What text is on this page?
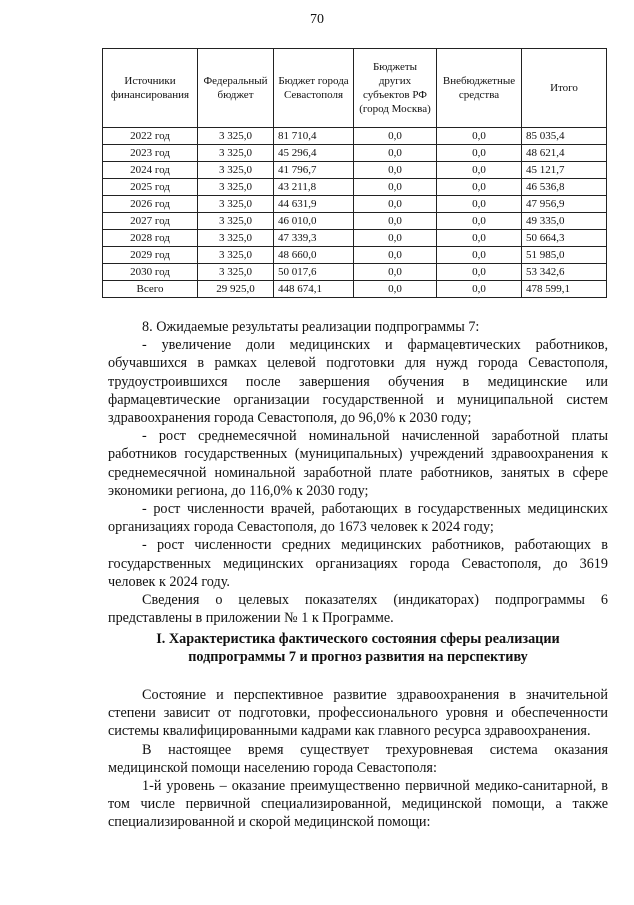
70
Источники финансирования	Федеральный бюджет	Бюджет города Севастополя	Бюджеты других субъектов РФ (город Москва)	Внебюджетные средства	Итого
2022 год	3 325,0	81 710,4	0,0	0,0	85 035,4
2023 год	3 325,0	45 296,4	0,0	0,0	48 621,4
2024 год	3 325,0	41 796,7	0,0	0,0	45 121,7
2025 год	3 325,0	43 211,8	0,0	0,0	46 536,8
2026 год	3 325,0	44 631,9	0,0	0,0	47 956,9
2027 год	3 325,0	46 010,0	0,0	0,0	49 335,0
2028 год	3 325,0	47 339,3	0,0	0,0	50 664,3
2029 год	3 325,0	48 660,0	0,0	0,0	51 985,0
2030 год	3 325,0	50 017,6	0,0	0,0	53 342,6
Всего	29 925,0	448 674,1	0,0	0,0	478 599,1

8. Ожидаемые результаты реализации подпрограммы 7:

- увеличение доли медицинских и фармацевтических работников, обучавшихся в рамках целевой подготовки для нужд города Севастополя, трудоустроившихся после завершения обучения в медицинские или фармацевтические организации государственной и муниципальной систем здравоохранения города Севастополя, до 96,0% к 2030 году;

- рост среднемесячной номинальной начисленной заработной платы работников государственных (муниципальных) учреждений здравоохранения к среднемесячной номинальной заработной плате работников, занятых в сфере экономики региона, до 116,0% к 2030 году;

- рост численности врачей, работающих в государственных медицинских организациях города Севастополя, до 1673 человек к 2024 году;

- рост численности средних медицинских работников, работающих в государственных медицинских организациях города Севастополя, до 3619 человек к 2024 году.

Сведения о целевых показателях (индикаторах) подпрограммы 6 представлены в приложении № 1 к Программе.

I. Характеристика фактического состояния сферы реализации
подпрограммы 7 и прогноз развития на перспективу

Состояние и перспективное развитие здравоохранения в значительной степени зависит от подготовки, профессионального уровня и обеспеченности системы квалифицированными кадрами как главного ресурса здравоохранения.

В настоящее время существует трехуровневая система оказания медицинской помощи населению города Севастополя:

1-й уровень – оказание преимущественно первичной медико-санитарной, в том числе первичной специализированной, медицинской помощи, а также специализированной и скорой медицинской помощи:
